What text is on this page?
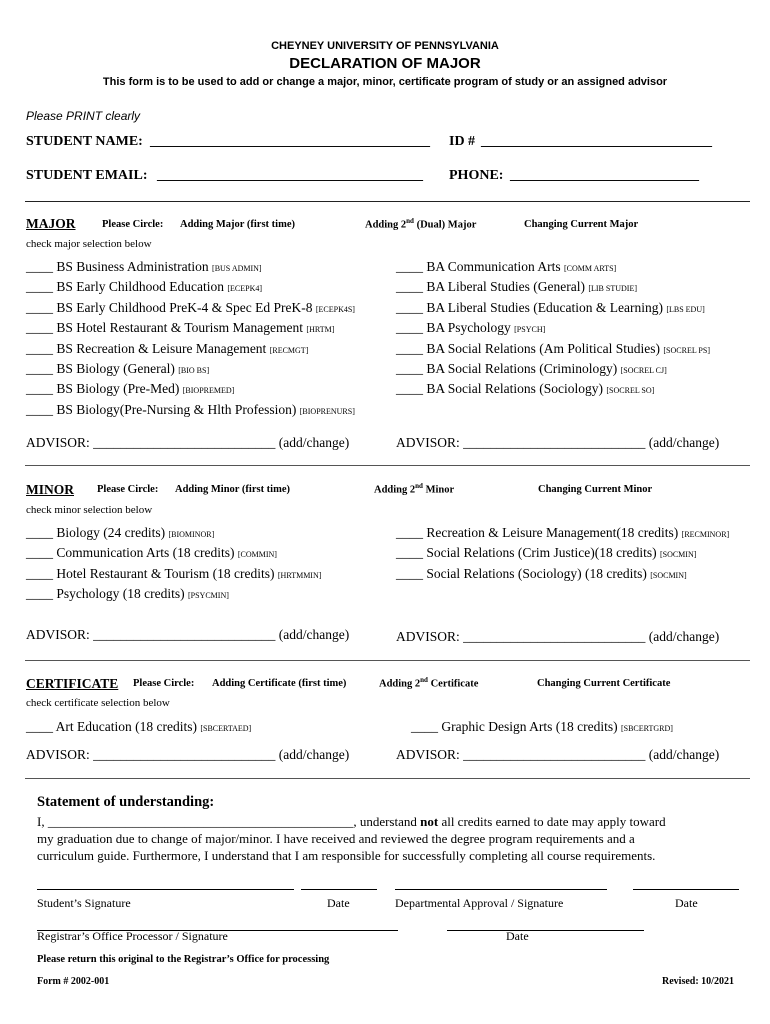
CHEYNEY UNIVERSITY OF PENNSYLVANIA
DECLARATION OF MAJOR
This form is to be used to add or change a major, minor, certificate program of study or an assigned advisor
Please PRINT clearly
STUDENT NAME: ________________________________________ ID # _________________________________
STUDENT EMAIL: ______________________________________ PHONE: ___________________________
MAJOR	Please Circle: Adding Major (first time)	Adding 2nd (Dual) Major	Changing Current Major
check major selection below
____ BS Business Administration [BUS ADMIN]
____ BS Early Childhood Education [ECEPK4]
____ BS Early Childhood PreK-4 & Spec Ed PreK-8 [ECEPK4S]
____ BS Hotel Restaurant & Tourism Management [HRTM]
____ BS Recreation & Leisure Management [RECMGT]
____ BS Biology (General) [BIO BS]
____ BS Biology (Pre-Med) [BIOPREMED]
____ BS Biology(Pre-Nursing & Hlth Profession) [BIOPRENURS]
____ BA Communication Arts [COMM ARTS]
____ BA Liberal Studies (General) [LIB STUDIE]
____ BA Liberal Studies (Education & Learning) [LBS EDU]
____ BA Psychology [PSYCH]
____ BA Social Relations (Am Political Studies) [SOCREL PS]
____ BA Social Relations (Criminology) [SOCREL CJ]
____ BA Social Relations (Sociology) [SOCREL SO]
ADVISOR: ___________________________ (add/change)	ADVISOR: ___________________________ (add/change)
MINOR Please Circle: Adding Minor (first time)	Adding 2nd Minor	Changing Current Minor
check minor selection below
____ Biology (24 credits) [BIOMINOR]
____ Communication Arts (18 credits) [COMMIN]
____ Hotel Restaurant & Tourism (18 credits) [HRTMMIN]
____ Psychology (18 credits) [PSYCMIN]
____ Recreation & Leisure Management(18 credits) [RECMINOR]
____ Social Relations (Crim Justice)(18 credits) [SOCMIN]
____ Social Relations (Sociology) (18 credits) [SOCMIN]
ADVISOR: ___________________________ (add/change)	ADVISOR: ___________________________ (add/change)
CERTIFICATE Please Circle: Adding Certificate (first time)	Adding 2nd Certificate	Changing Current Certificate
check certificate selection below
____ Art Education (18 credits) [SBCERTAED]	____ Graphic Design Arts (18 credits) [SBCERTGRD]
ADVISOR: ___________________________ (add/change)	ADVISOR: ___________________________ (add/change)
Statement of understanding:
I, _______________________________________________, understand not all credits earned to date may apply toward
my graduation due to change of major/minor. I have received and reviewed the degree program requirements and a
curriculum guide. Furthermore, I understand that I am responsible for successfully completing all course requirements.
Student’s Signature	Date	Departmental Approval / Signature	Date
Registrar’s Office Processor / Signature	Date
Please return this original to the Registrar’s Office for processing
Form # 2002-001	Revised: 10/2021
